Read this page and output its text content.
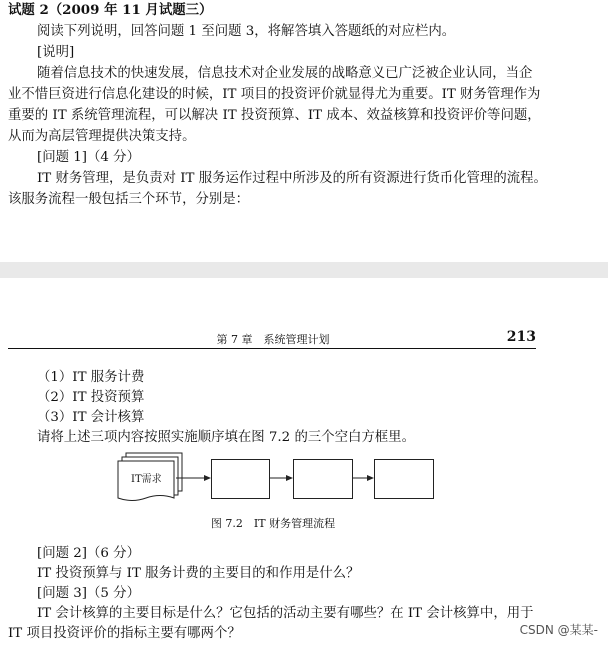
试题 2（2009 年 11 月试题三）
阅读下列说明，回答问题 1 至问题 3，将解答填入答题纸的对应栏内。
[说明]
随着信息技术的快速发展，信息技术对企业发展的战略意义已广泛被企业认同，当企
业不惜巨资进行信息化建设的时候，IT 项目的投资评价就显得尤为重要。IT 财务管理作为
重要的 IT 系统管理流程，可以解决 IT 投资预算、IT 成本、效益核算和投资评价等问题，
从而为高层管理提供决策支持。
[问题 1]（4 分）
IT 财务管理，是负责对 IT 服务运作过程中所涉及的所有资源进行货币化管理的流程。
该服务流程一般包括三个环节，分别是：
第 7 章　系统管理计划	213
（1）IT 服务计费
（2）IT 投资预算
（3）IT 会计核算
请将上述三项内容按照实施顺序填在图 7.2 的三个空白方框里。
IT需求
图 7.2　IT 财务管理流程
[问题 2]（6 分）
IT 投资预算与 IT 服务计费的主要目的和作用是什么？
[问题 3]（5 分）
IT 会计核算的主要目标是什么？它包括的活动主要有哪些？在 IT 会计核算中，用于
IT 项目投资评价的指标主要有哪两个？	CSDN @某某-
